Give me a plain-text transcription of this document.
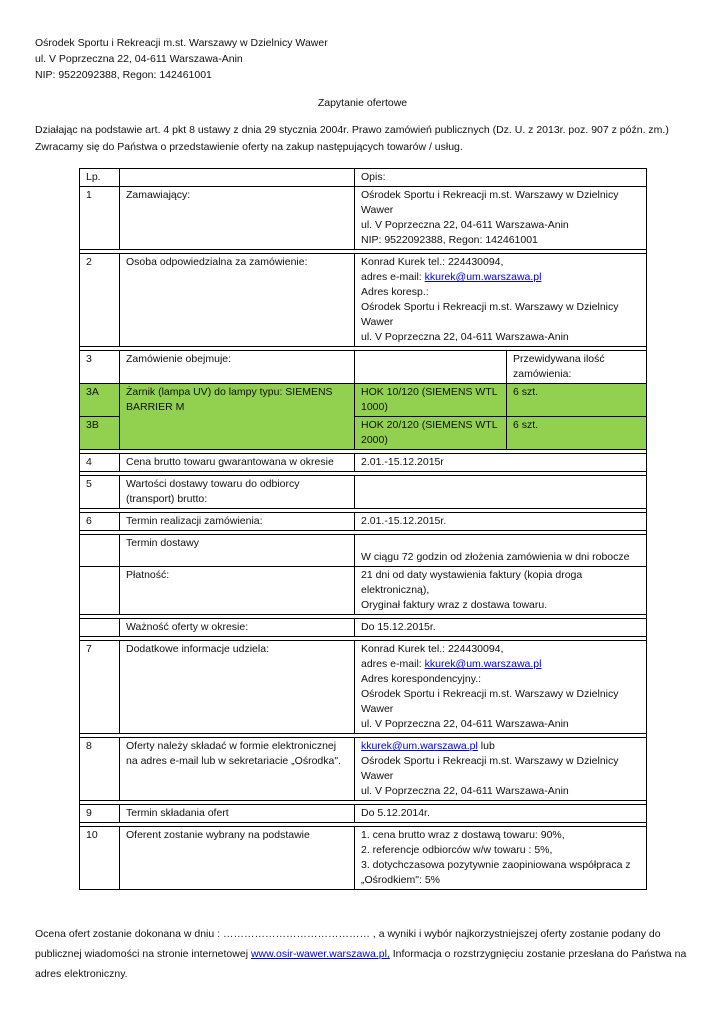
Ośrodek Sportu i Rekreacji m.st. Warszawy w Dzielnicy Wawer
ul. V Poprzeczna 22, 04-611 Warszawa-Anin
NIP: 9522092388, Regon: 142461001
Zapytanie ofertowe
Działając na podstawie art. 4 pkt 8 ustawy z dnia 29 stycznia 2004r. Prawo zamówień publicznych (Dz. U. z 2013r. poz. 907 z późn. zm.) Zwracamy się do Państwa o przedstawienie oferty na zakup następujących towarów / usług.
Lp.		Opis:	
1	Zamawiający:	Ośrodek Sportu i Rekreacji m.st. Warszawy w Dzielnicy Wawer
ul. V Poprzeczna 22, 04-611 Warszawa-Anin
NIP: 9522092388, Regon: 142461001	

2	Osoba odpowiedzialna za zamówienie:	Konrad Kurek tel.: 224430094,
adres e-mail: kkurek@um.warszawa.pl
Adres koresp.:
Ośrodek Sportu i Rekreacji m.st. Warszawy w Dzielnicy Wawer
ul. V Poprzeczna 22, 04-611 Warszawa-Anin	

3	Zamówienie obejmuje:		Przewidywana ilość zamówienia:
3A	Żarnik (lampa UV) do lampy typu: SIEMENS BARRIER M	HOK 10/120 (SIEMENS WTL 1000)	6 szt.
3B		HOK 20/120 (SIEMENS WTL 2000)	6 szt.

4	Cena brutto towaru gwarantowana w okresie	2.01.-15.12.2015r	

5	Wartości dostawy towaru do odbiorcy (transport) brutto:		

6	Termin realizacji zamówienia:	2.01.-15.12.2015r.	

	Termin dostawy	W ciągu 72 godzin od złożenia zamówienia w dni robocze	
	Płatność:	21 dni od daty wystawienia faktury (kopia droga elektroniczną),
Oryginał faktury wraz z dostawa towaru.	

	Ważność oferty w okresie:	Do 15.12.2015r.	

7	Dodatkowe informacje udziela:	Konrad Kurek tel.: 224430094,
adres e-mail: kkurek@um.warszawa.pl
Adres korespondencyjny.:
Ośrodek Sportu i Rekreacji m.st. Warszawy w Dzielnicy Wawer
ul. V Poprzeczna 22, 04-611 Warszawa-Anin	

8	Oferty należy składać w formie elektronicznej na adres e-mail lub w sekretariacie „Ośrodka".	kkurek@um.warszawa.pl lub
Ośrodek Sportu i Rekreacji m.st. Warszawy w Dzielnicy Wawer
ul. V Poprzeczna 22, 04-611 Warszawa-Anin	

9	Termin składania ofert	Do 5.12.2014r.	

10	Oferent zostanie wybrany na podstawie	1. cena brutto wraz z dostawą towaru: 90%,
2. referencje odbiorców w/w towaru : 5%,
3. dotychczasowa pozytywnie zaopiniowana współpraca z „Ośrodkiem": 5%	
Ocena ofert zostanie dokonana w dniu : …………………………………… , a wyniki i wybór najkorzystniejszej oferty zostanie podany do publicznej wiadomości na stronie internetowej www.osir-wawer.warszawa.pl, Informacja o rozstrzygnięciu zostanie przesłana do Państwa na adres elektroniczny.
